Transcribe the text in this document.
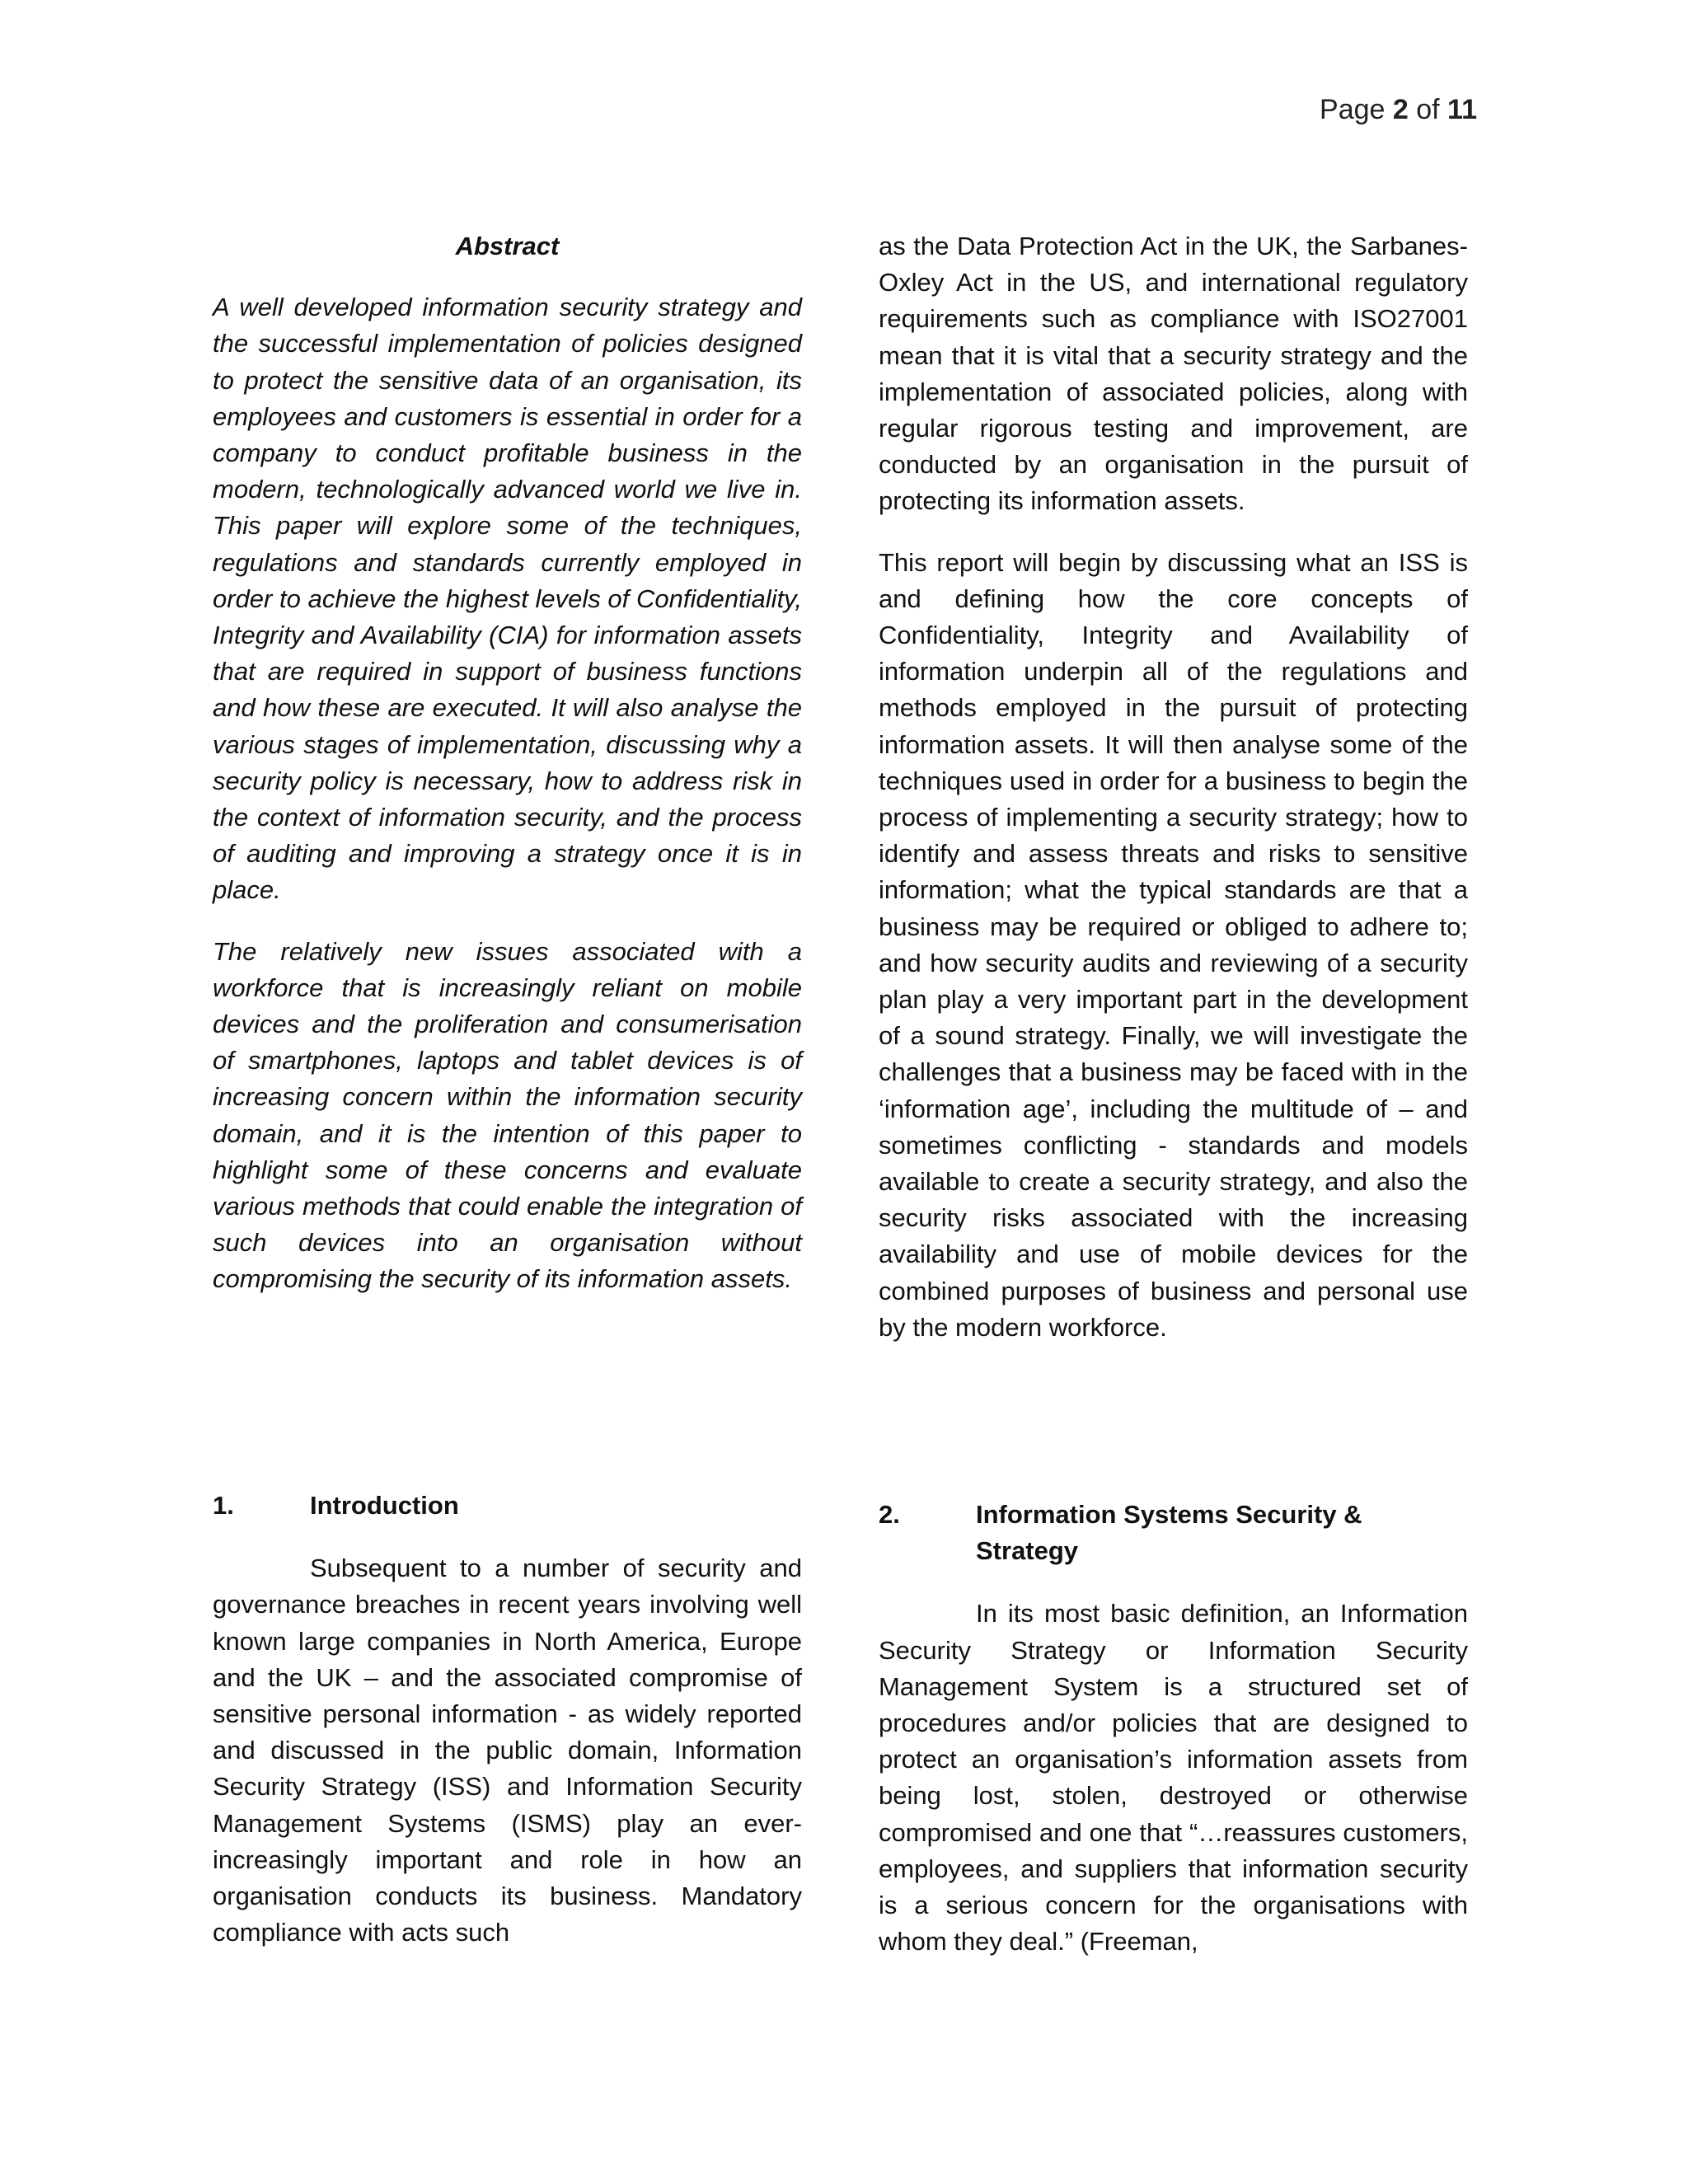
Page 2 of 11
Abstract

A well developed information security strategy and the successful implementation of policies designed to protect the sensitive data of an organisation, its employees and customers is essential in order for a company to conduct profitable business in the modern, technologically advanced world we live in. This paper will explore some of the techniques, regulations and standards currently employed in order to achieve the highest levels of Confidentiality, Integrity and Availability (CIA) for information assets that are required in support of business functions and how these are executed. It will also analyse the various stages of implementation, discussing why a security policy is necessary, how to address risk in the context of information security, and the process of auditing and improving a strategy once it is in place.

The relatively new issues associated with a workforce that is increasingly reliant on mobile devices and the proliferation and consumerisation of smartphones, laptops and tablet devices is of increasing concern within the information security domain, and it is the intention of this paper to highlight some of these concerns and evaluate various methods that could enable the integration of such devices into an organisation without compromising the security of its information assets.

as the Data Protection Act in the UK, the Sarbanes-Oxley Act in the US, and international regulatory requirements such as compliance with ISO27001 mean that it is vital that a security strategy and the implementation of associated policies, along with regular rigorous testing and improvement, are conducted by an organisation in the pursuit of protecting its information assets.

This report will begin by discussing what an ISS is and defining how the core concepts of Confidentiality, Integrity and Availability of information underpin all of the regulations and methods employed in the pursuit of protecting information assets. It will then analyse some of the techniques used in order for a business to begin the process of implementing a security strategy; how to identify and assess threats and risks to sensitive information; what the typical standards are that a business may be required or obliged to adhere to; and how security audits and reviewing of a security plan play a very important part in the development of a sound strategy. Finally, we will investigate the challenges that a business may be faced with in the ‘information age’, including the multitude of – and sometimes conflicting - standards and models available to create a security strategy, and also the security risks associated with the increasing availability and use of mobile devices for the combined purposes of business and personal use by the modern workforce.

1.	Introduction

Subsequent to a number of security and governance breaches in recent years involving well known large companies in North America, Europe and the UK – and the associated compromise of sensitive personal information - as widely reported and discussed in the public domain, Information Security Strategy (ISS) and Information Security Management Systems (ISMS) play an ever-increasingly important and role in how an organisation conducts its business. Mandatory compliance with acts such

2.	Information Systems Security & Strategy

In its most basic definition, an Information Security Strategy or Information Security Management System is a structured set of procedures and/or policies that are designed to protect an organisation’s information assets from being lost, stolen, destroyed or otherwise compromised and one that “…reassures customers, employees, and suppliers that information security is a serious concern for the organisations with whom they deal.” (Freeman,
